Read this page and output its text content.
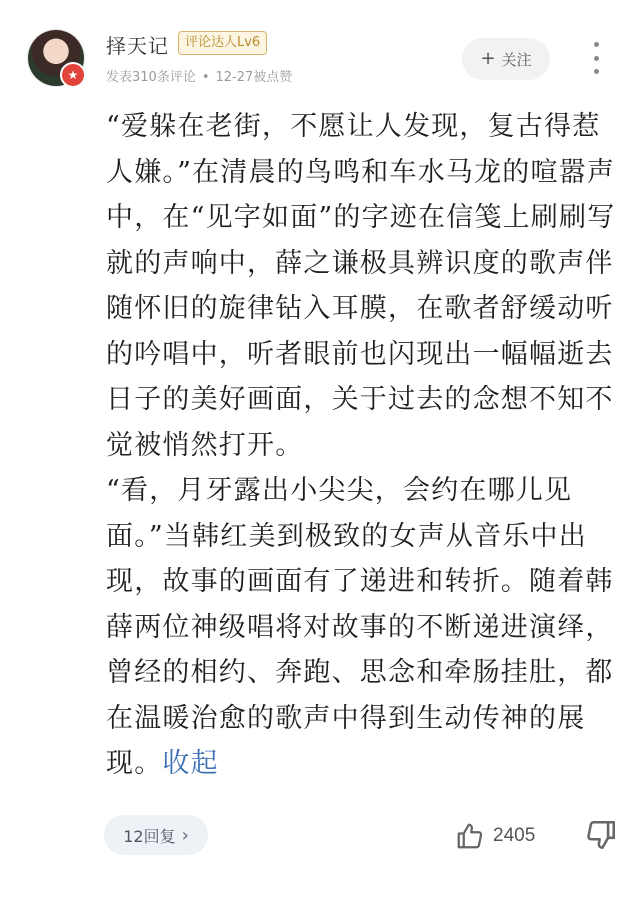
★
择天记	评论达人Lv6
发表310条评论 • 12-27被点赞
+ 关注

“爱躲在老街，不愿让人发现，复古得惹人嫌。”在清晨的鸟鸣和车水马龙的喧嚣声中，在“见字如面”的字迹在信笺上刷刷写就的声响中，薛之谦极具辨识度的歌声伴随怀旧的旋律钻入耳膜，在歌者舒缓动听的吟唱中，听者眼前也闪现出一幅幅逝去日子的美好画面，关于过去的念想不知不觉被悄然打开。

“看，月牙露出小尖尖，会约在哪儿见面。”当韩红美到极致的女声从音乐中出现，故事的画面有了递进和转折。随着韩薛两位神级唱将对故事的不断递进演绎，曾经的相约、奔跑、思念和牵肠挂肚，都在温暖治愈的歌声中得到生动传神的展现。收起

12回复 ›	2405
